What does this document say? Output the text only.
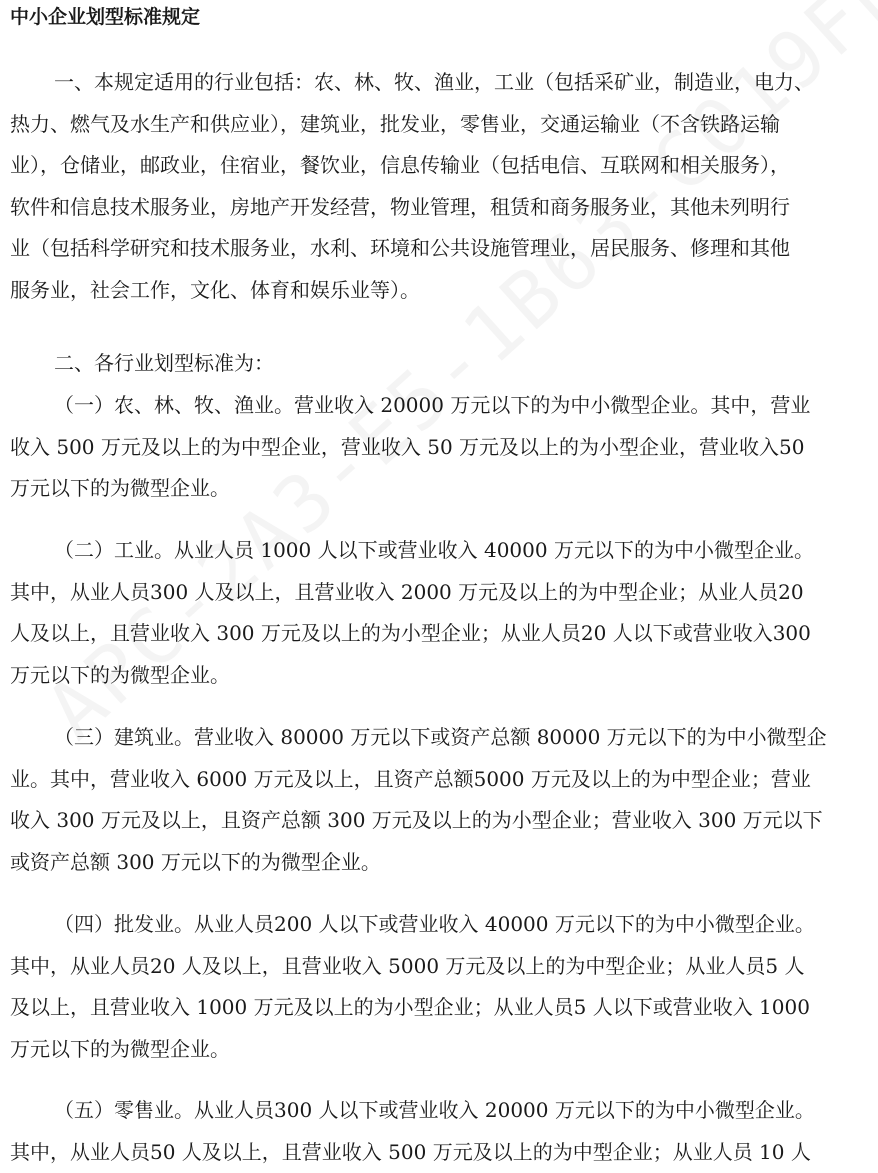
中小企业划型标准规定
一、本规定适用的行业包括：农、林、牧、渔业，工业（包括采矿业，制造业，电力、
热力、燃气及水生产和供应业），建筑业，批发业，零售业，交通运输业（不含铁路运输
业），仓储业，邮政业，住宿业，餐饮业，信息传输业（包括电信、互联网和相关服务），
软件和信息技术服务业，房地产开发经营，物业管理，租赁和商务服务业，其他未列明行
业（包括科学研究和技术服务业，水利、环境和公共设施管理业，居民服务、修理和其他
服务业，社会工作，文化、体育和娱乐业等）。
二、各行业划型标准为：
（一）农、林、牧、渔业。营业收入 20000 万元以下的为中小微型企业。其中，营业
收入 500 万元及以上的为中型企业，营业收入 50 万元及以上的为小型企业，营业收入50
万元以下的为微型企业。
（二）工业。从业人员 1000 人以下或营业收入 40000 万元以下的为中小微型企业。
其中，从业人员300 人及以上，且营业收入 2000 万元及以上的为中型企业；从业人员20
人及以上，且营业收入 300 万元及以上的为小型企业；从业人员20 人以下或营业收入300
万元以下的为微型企业。
（三）建筑业。营业收入 80000 万元以下或资产总额 80000 万元以下的为中小微型企
业。其中，营业收入 6000 万元及以上，且资产总额5000 万元及以上的为中型企业；营业
收入 300 万元及以上，且资产总额 300 万元及以上的为小型企业；营业收入 300 万元以下
或资产总额 300 万元以下的为微型企业。
（四）批发业。从业人员200 人以下或营业收入 40000 万元以下的为中小微型企业。
其中，从业人员20 人及以上，且营业收入 5000 万元及以上的为中型企业；从业人员5 人
及以上，且营业收入 1000 万元及以上的为小型企业；从业人员5 人以下或营业收入 1000
万元以下的为微型企业。
（五）零售业。从业人员300 人以下或营业收入 20000 万元以下的为中小微型企业。
其中，从业人员50 人及以上，且营业收入 500 万元及以上的为中型企业；从业人员 10 人
